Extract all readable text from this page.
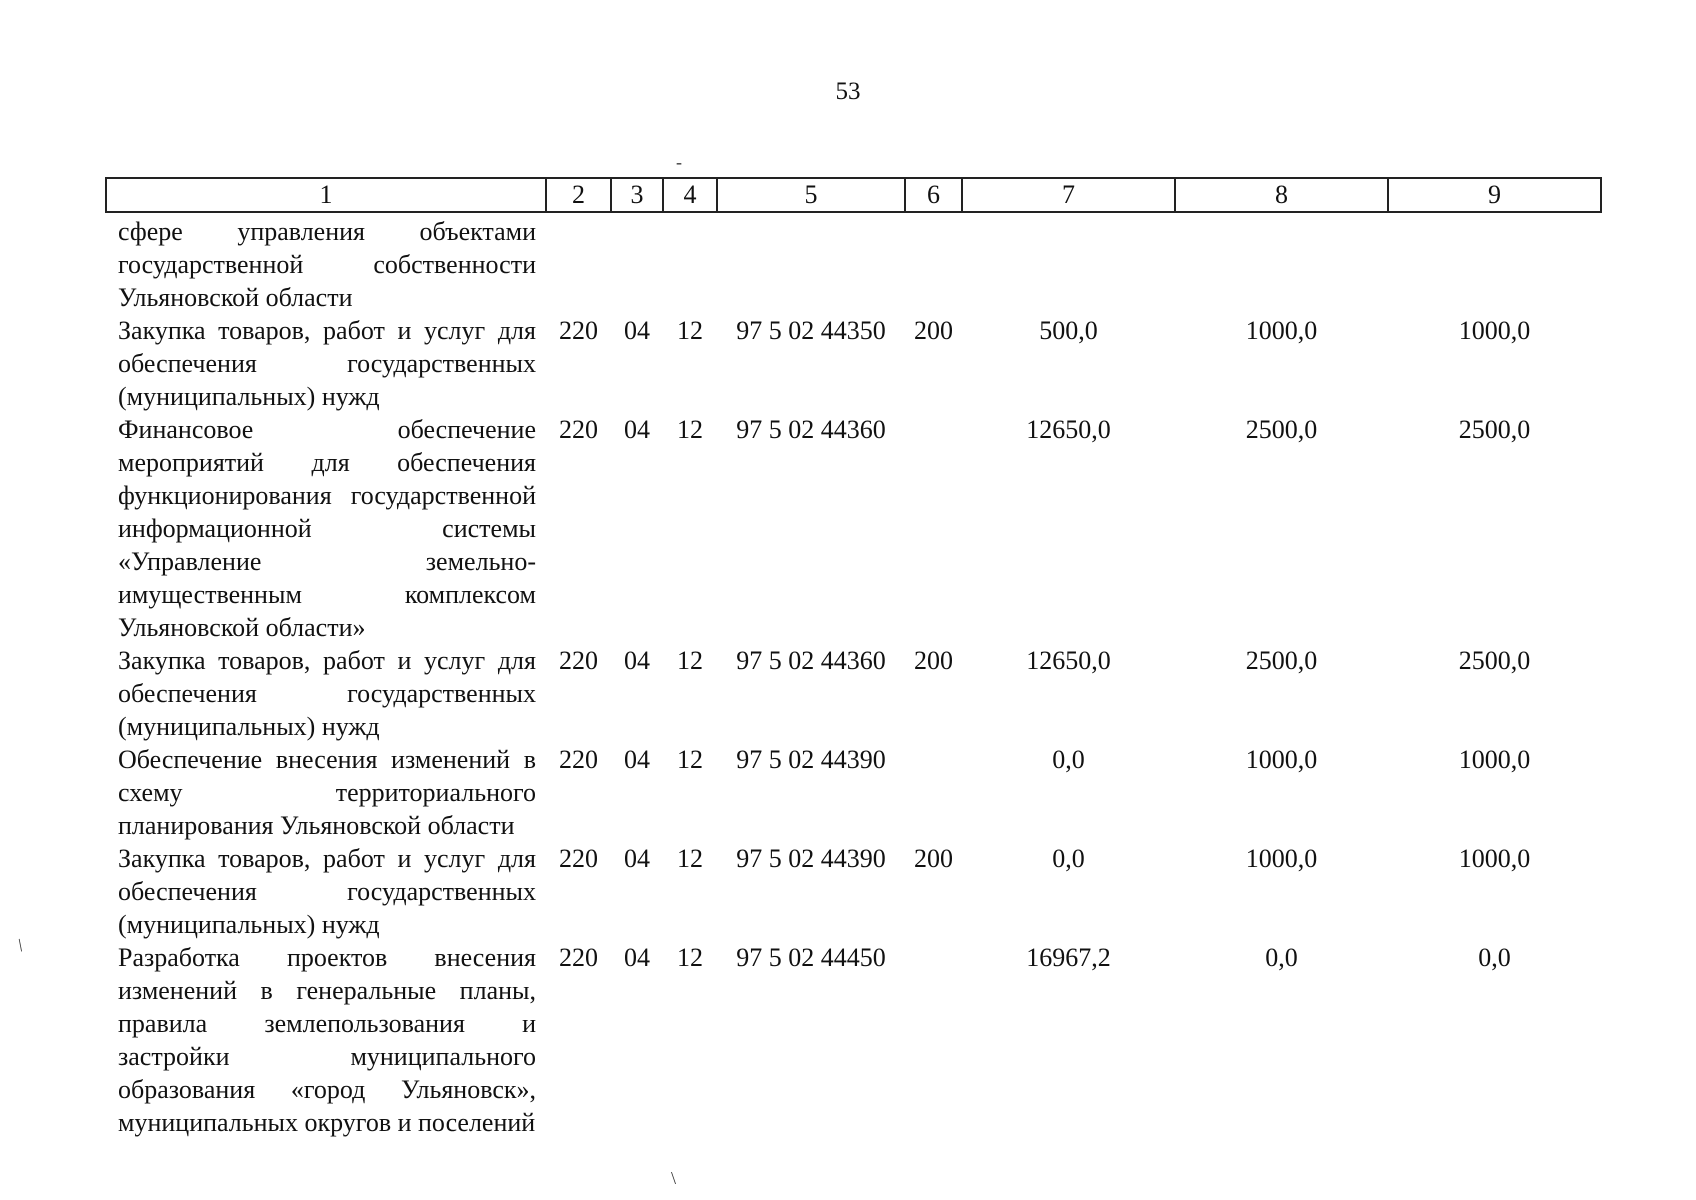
53
1	2	3	4	5	6	7	8	9
сфере управления объектами государственной собственности Ульяновской области								
Закупка товаров, работ и услуг для обеспечения государственных (муниципальных) нужд	220	04	12	97 5 02 44350	200	500,0	1000,0	1000,0
Финансовое обеспечение мероприятий для обеспечения функционирования государственной информационной системы «Управление земельно-имущественным комплексом Ульяновской области»	220	04	12	97 5 02 44360		12650,0	2500,0	2500,0
Закупка товаров, работ и услуг для обеспечения государственных (муниципальных) нужд	220	04	12	97 5 02 44360	200	12650,0	2500,0	2500,0
Обеспечение внесения изменений в схему территориального планирования Ульяновской области	220	04	12	97 5 02 44390		0,0	1000,0	1000,0
Закупка товаров, работ и услуг для обеспечения государственных (муниципальных) нужд	220	04	12	97 5 02 44390	200	0,0	1000,0	1000,0
Разработка проектов внесения изменений в генеральные планы, правила землепользования и застройки муниципального образования «город Ульяновск», муниципальных округов и поселений	220	04	12	97 5 02 44450		16967,2	0,0	0,0
-
/
\
